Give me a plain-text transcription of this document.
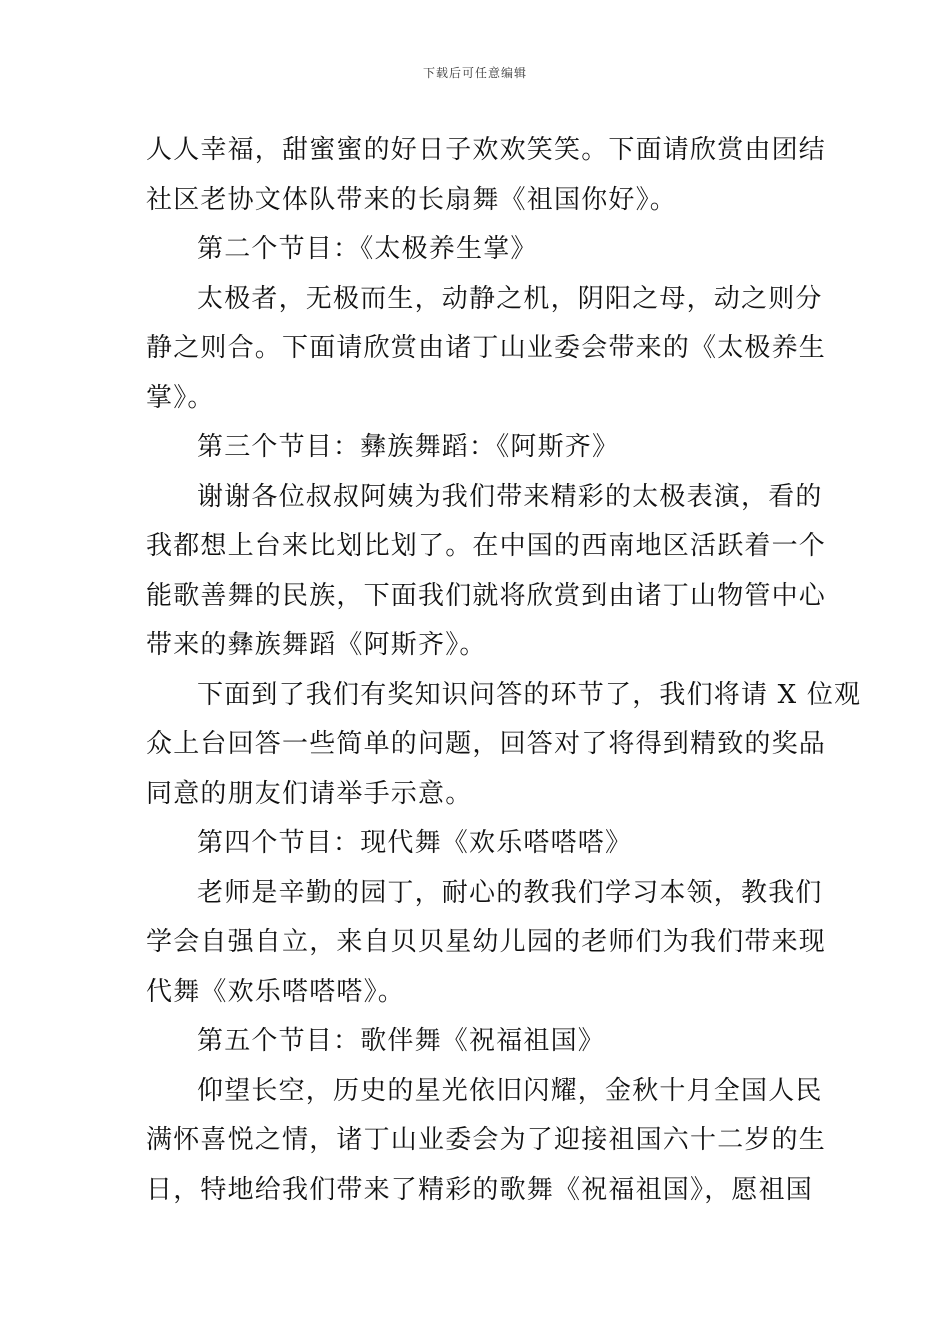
下载后可任意编辑
人人幸福，甜蜜蜜的好日子欢欢笑笑。下面请欣赏由团结
社区老协文体队带来的长扇舞《祖国你好》。
第二个节目：《太极养生掌》
太极者，无极而生，动静之机，阴阳之母，动之则分
静之则合。下面请欣赏由诸丁山业委会带来的《太极养生
掌》。
第三个节目：彝族舞蹈：《阿斯齐》
谢谢各位叔叔阿姨为我们带来精彩的太极表演，看的
我都想上台来比划比划了。在中国的西南地区活跃着一个
能歌善舞的民族，下面我们就将欣赏到由诸丁山物管中心
带来的彝族舞蹈《阿斯齐》。
下面到了我们有奖知识问答的环节了，我们将请 X 位观
众上台回答一些简单的问题，回答对了将得到精致的奖品
同意的朋友们请举手示意。
第四个节目：现代舞《欢乐嗒嗒嗒》
老师是辛勤的园丁，耐心的教我们学习本领，教我们
学会自强自立，来自贝贝星幼儿园的老师们为我们带来现
代舞《欢乐嗒嗒嗒》。
第五个节目：歌伴舞《祝福祖国》
仰望长空，历史的星光依旧闪耀，金秋十月全国人民
满怀喜悦之情，诸丁山业委会为了迎接祖国六十二岁的生
日，特地给我们带来了精彩的歌舞《祝福祖国》，愿祖国
